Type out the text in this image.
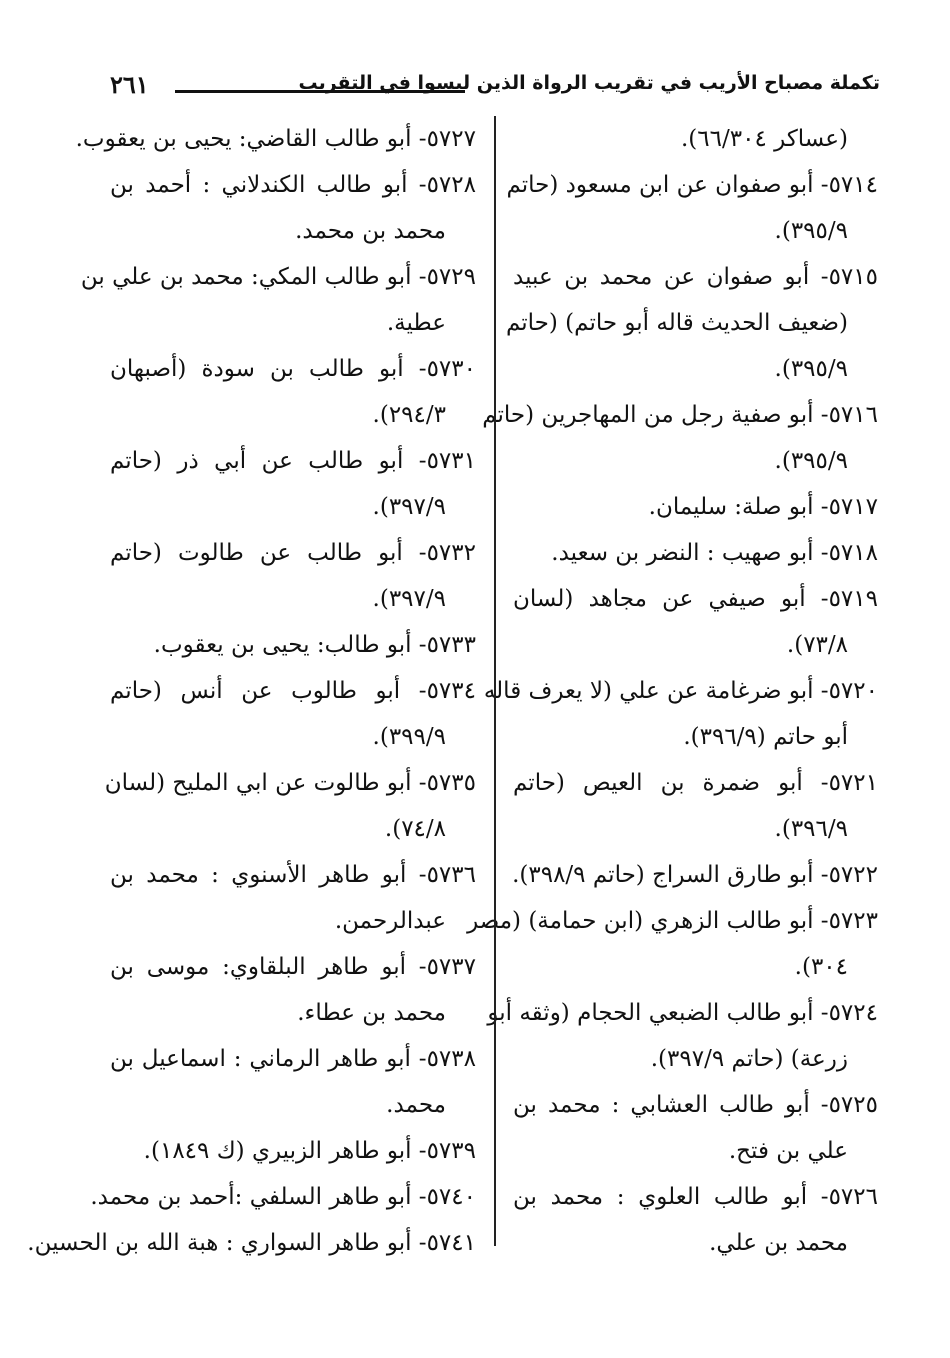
تكملة مصباح الأريب في تقريب الرواة الذين ليسوا في التقريب
٢٦١
(عساكر ٦٦/٣٠٤).
٥٧١٤- أبو صفوان عن ابن مسعود (حاتم
٣٩٥/٩).
٥٧١٥- أبو صفوان عن محمد بن عبيد
(ضعيف الحديث قاله أبو حاتم) (حاتم
٣٩٥/٩).
٥٧١٦- أبو صفية رجل من المهاجرين (حاتم
٣٩٥/٩).
٥٧١٧- أبو صلة: سليمان.
٥٧١٨- أبو صهيب : النضر بن سعيد.
٥٧١٩- أبو صيفي عن مجاهد (لسان
٧٣/٨).
٥٧٢٠- أبو ضرغامة عن علي (لا يعرف قاله
أبو حاتم (٣٩٦/٩).
٥٧٢١- أبو ضمرة بن العيص (حاتم
٣٩٦/٩).
٥٧٢٢- أبو طارق السراج (حاتم ٣٩٨/٩).
٥٧٢٣- أبو طالب الزهري (ابن حمامة) (مصر
٣٠٤).
٥٧٢٤- أبو طالب الضبعي الحجام (وثقه أبو
زرعة) (حاتم ٣٩٧/٩).
٥٧٢٥- أبو طالب العشابي : محمد بن
علي بن فتح.
٥٧٢٦- أبو طالب العلوي : محمد بن
محمد بن علي.
٥٧٢٧- أبو طالب القاضي: يحيى بن يعقوب.
٥٧٢٨- أبو طالب الكندلاني : أحمد بن
محمد بن محمد.
٥٧٢٩- أبو طالب المكي: محمد بن علي بن
عطية.
٥٧٣٠- أبو طالب بن سودة (أصبهان
٢٩٤/٣).
٥٧٣١- أبو طالب عن أبي ذر (حاتم
٣٩٧/٩).
٥٧٣٢- أبو طالب عن طالوت (حاتم
٣٩٧/٩).
٥٧٣٣- أبو طالب: يحيى بن يعقوب.
٥٧٣٤- أبو طالوب عن أنس (حاتم
٣٩٩/٩).
٥٧٣٥- أبو طالوت عن ابي المليح (لسان
٧٤/٨).
٥٧٣٦- أبو طاهر الأسنوي : محمد بن
عبدالرحمن.
٥٧٣٧- أبو طاهر البلقاوي: موسى بن
محمد بن عطاء.
٥٧٣٨- أبو طاهر الرماني : اسماعيل بن
محمد.
٥٧٣٩- أبو طاهر الزبيري (ك ١٨٤٩).
٥٧٤٠- أبو طاهر السلفي :أحمد بن محمد.
٥٧٤١- أبو طاهر السواري : هبة الله بن الحسين.
